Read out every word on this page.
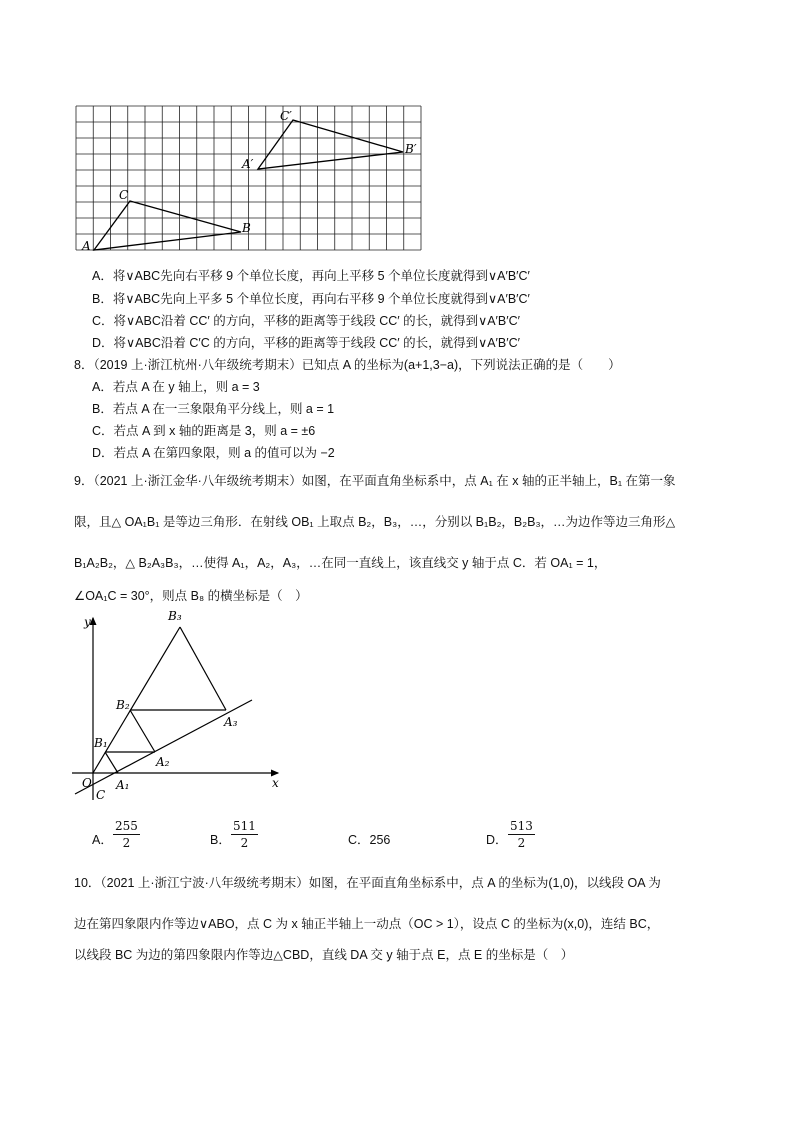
A
C
B
A′
C′
B′
A．将∨ABC先向右平移 9 个单位长度，再向上平移 5 个单位长度就得到∨A′B′C′
B．将∨ABC先向上平多 5 个单位长度，再向右平移 9 个单位长度就得到∨A′B′C′
C．将∨ABC沿着 CC′ 的方向，平移的距离等于线段 CC′ 的长，就得到∨A′B′C′
D．将∨ABC沿着 C′C 的方向，平移的距离等于线段 CC′ 的长，就得到∨A′B′C′
8．（2019 上·浙江杭州·八年级统考期末）已知点 A 的坐标为(a+1,3−a)，下列说法正确的是（　　）
A．若点 A 在 y 轴上，则 a = 3
B．若点 A 在一三象限角平分线上，则 a = 1
C．若点 A 到 x 轴的距离是 3，则 a = ±6
D．若点 A 在第四象限，则 a 的值可以为 −2
9．（2021 上·浙江金华·八年级统考期末）如图，在平面直角坐标系中，点 A₁ 在 x 轴的正半轴上，B₁ 在第一象
限，且△ OA₁B₁ 是等边三角形．在射线 OB₁ 上取点 B₂，B₃，…，分别以 B₁B₂，B₂B₃，…为边作等边三角形△
B₁A₂B₂，△ B₂A₃B₃，…使得 A₁，A₂，A₃，…在同一直线上，该直线交 y 轴于点 C．若 OA₁ = 1，
∠OA₁C = 30°，则点 B₈ 的横坐标是（　）
y
x
O
C
A₁
A₂
A₃
B₁
B₂
B₃
A． $\frac{255}{2}$	B． $\frac{511}{2}$	C．256	D． $\frac{513}{2}$
10．（2021 上·浙江宁波·八年级统考期末）如图，在平面直角坐标系中，点 A 的坐标为(1,0)，以线段 OA 为
边在第四象限内作等边∨ABO，点 C 为 x 轴正半轴上一动点（OC > 1），设点 C 的坐标为(x,0)，连结 BC，
以线段 BC 为边的第四象限内作等边△CBD，直线 DA 交 y 轴于点 E，点 E 的坐标是（　）
